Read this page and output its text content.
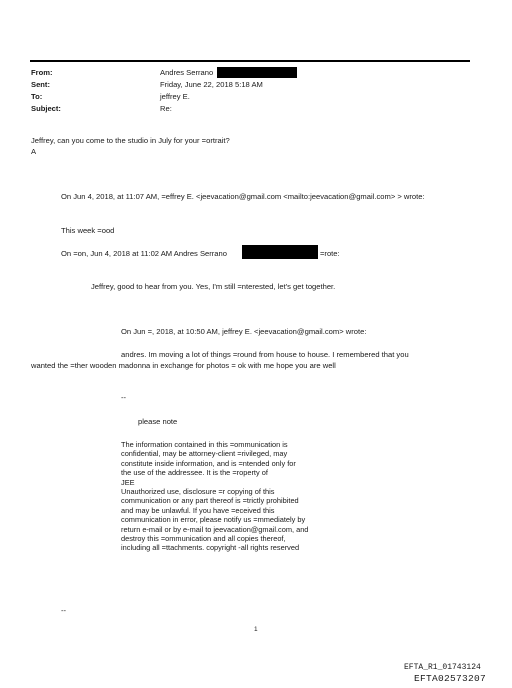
From:
Sent:
To:
Subject:
Andres Serrano
Friday, June 22, 2018 5:18 AM
jeffrey E.
Re:
Jeffrey, can you come to the studio in July for your =ortrait?
A
On Jun 4, 2018, at 11:07 AM, =effrey E. <jeevacation@gmail.com <mailto:jeevacation@gmail.com> > wrote:
This week =ood
On =on, Jun 4, 2018 at 11:02 AM Andres Serrano	=rote:
Jeffrey, good to hear from you. Yes, I'm still =nterested, let's get together.
On Jun =, 2018, at 10:50 AM, jeffrey E. <jeevacation@gmail.com> wrote:
andres. Im moving a lot of things =round from house to house. I remembered that you
wanted the =ther wooden madonna in exchange for photos = ok with me hope you are well
--
please note
The information contained in this =ommunication is
confidential, may be attorney-client =rivileged, may
constitute inside information, and is =ntended only for
the use of the addressee. It is the =roperty of
JEE
Unauthorized use, disclosure =r copying of this
communication or any part thereof is =trictly prohibited
and may be unlawful. If you have =eceived this
communication in error, please notify us =mmediately by
return e-mail or by e-mail to jeevacation@gmail.com, and
destroy this =ommunication and all copies thereof,
including all =ttachments. copyright -all rights reserved
--
1
EFTA_R1_01743124
EFTA02573207
